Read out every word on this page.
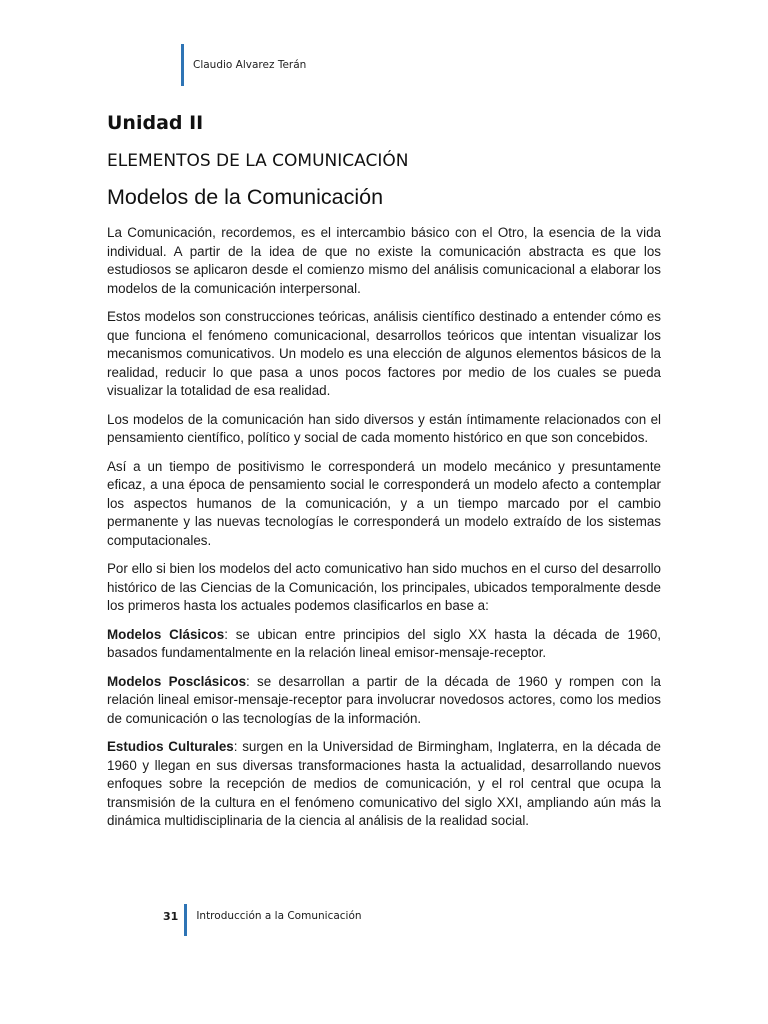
Claudio Alvarez Terán
Unidad II
ELEMENTOS DE LA COMUNICACIÓN
Modelos de la Comunicación

La Comunicación, recordemos, es el intercambio básico con el Otro, la esencia de la vida individual. A partir de la idea de que no existe la comunicación abstracta es que los estudiosos se aplicaron desde el comienzo mismo del análisis comunicacional a elaborar los modelos de la comunicación interpersonal.

Estos modelos son construcciones teóricas, análisis científico destinado a entender cómo es que funciona el fenómeno comunicacional, desarrollos teóricos que intentan visualizar los mecanismos comunicativos. Un modelo es una elección de algunos elementos básicos de la realidad, reducir lo que pasa a unos pocos factores por medio de los cuales se pueda visualizar la totalidad de esa realidad.

Los modelos de la comunicación han sido diversos y están íntimamente relacionados con el pensamiento científico, político y social de cada momento histórico en que son concebidos.

Así a un tiempo de positivismo le corresponderá un modelo mecánico y presuntamente eficaz, a una época de pensamiento social le corresponderá un modelo afecto a contemplar los aspectos humanos de la comunicación, y a un tiempo marcado por el cambio permanente y las nuevas tecnologías le corresponderá un modelo extraído de los sistemas computacionales.

Por ello si bien los modelos del acto comunicativo han sido muchos en el curso del desarrollo histórico de las Ciencias de la Comunicación, los principales, ubicados temporalmente desde los primeros hasta los actuales podemos clasificarlos en base a:

Modelos Clásicos: se ubican entre principios del siglo XX hasta la década de 1960, basados fundamentalmente en la relación lineal emisor-mensaje-receptor.

Modelos Posclásicos: se desarrollan a partir de la década de 1960 y rompen con la relación lineal emisor-mensaje-receptor para involucrar novedosos actores, como los medios de comunicación o las tecnologías de la información.

Estudios Culturales: surgen en la Universidad de Birmingham, Inglaterra, en la década de 1960 y llegan en sus diversas transformaciones hasta la actualidad, desarrollando nuevos enfoques sobre la recepción de medios de comunicación, y el rol central que ocupa la transmisión de la cultura en el fenómeno comunicativo del siglo XXI, ampliando aún más la dinámica multidisciplinaria de la ciencia al análisis de la realidad social.

31	Introducción a la Comunicación
